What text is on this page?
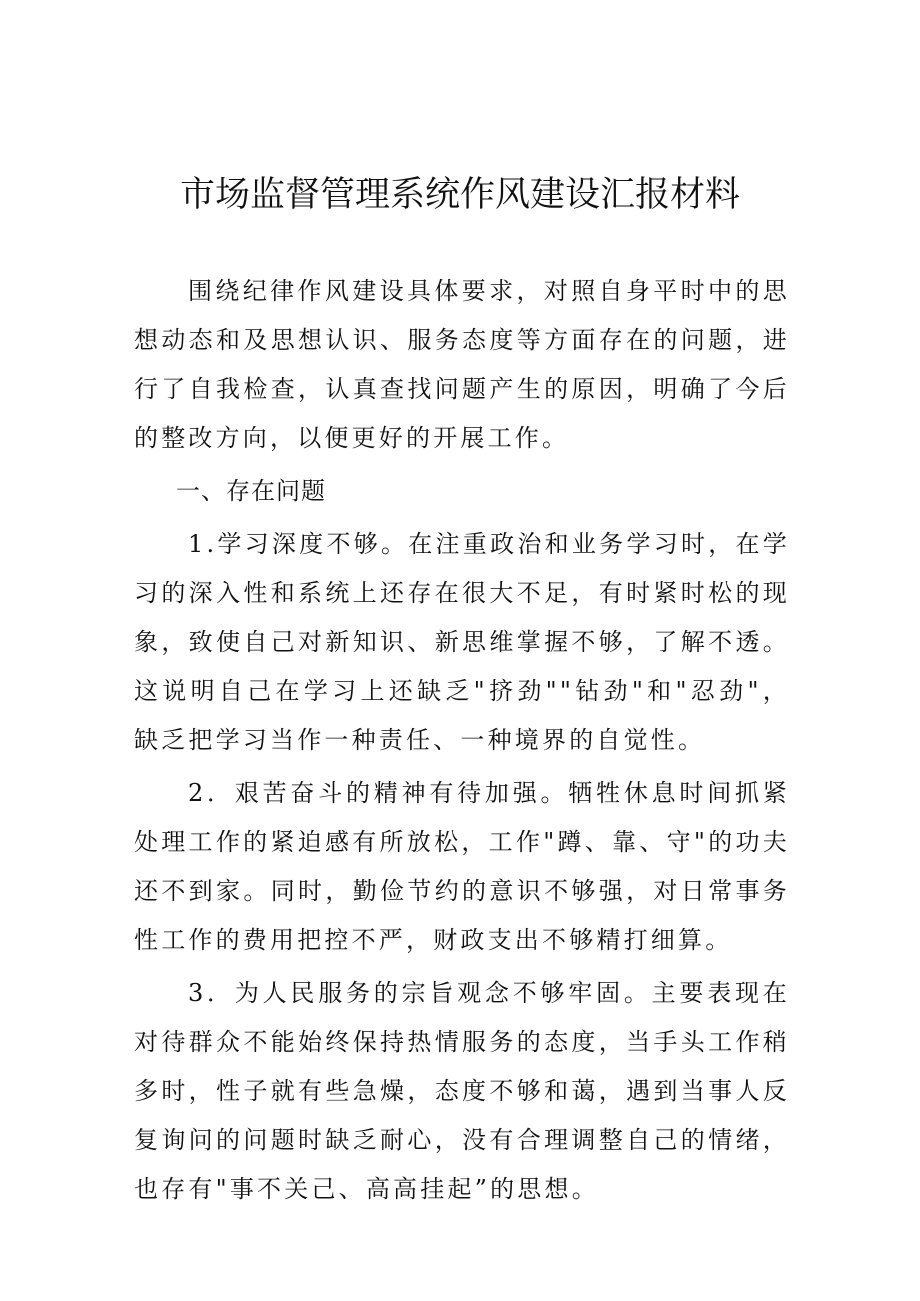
市场监督管理系统作风建设汇报材料

围绕纪律作风建设具体要求，对照自身平时中的思想动态和及思想认识、服务态度等方面存在的问题，进行了自我检查，认真查找问题产生的原因，明确了今后的整改方向，以便更好的开展工作。

一、存在问题

1.学习深度不够。在注重政治和业务学习时，在学习的深入性和系统上还存在很大不足，有时紧时松的现象，致使自己对新知识、新思维掌握不够，了解不透。这说明自己在学习上还缺乏"挤劲""钻劲"和"忍劲"，缺乏把学习当作一种责任、一种境界的自觉性。

2．艰苦奋斗的精神有待加强。牺牲休息时间抓紧处理工作的紧迫感有所放松，工作"蹲、靠、守"的功夫还不到家。同时，勤俭节约的意识不够强，对日常事务性工作的费用把控不严，财政支出不够精打细算。

3．为人民服务的宗旨观念不够牢固。主要表现在对待群众不能始终保持热情服务的态度，当手头工作稍多时，性子就有些急燥，态度不够和蔼，遇到当事人反复询问的问题时缺乏耐心，没有合理调整自己的情绪，也存有"事不关己、高高挂起”的思想。
